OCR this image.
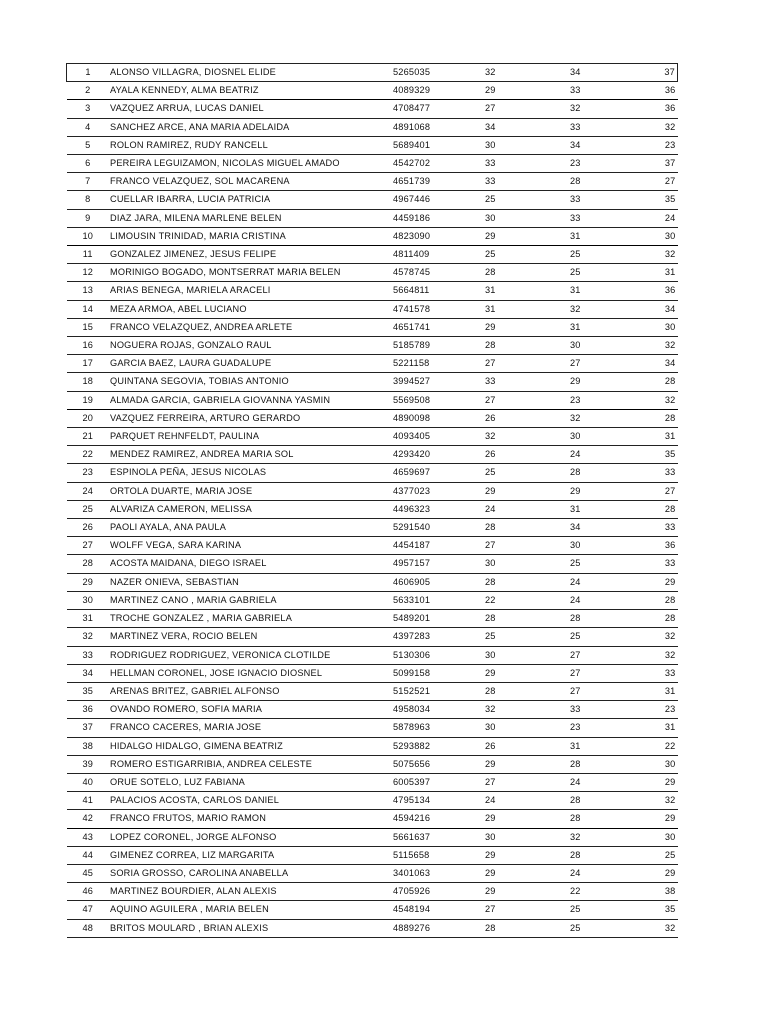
1	ALONSO VILLAGRA, DIOSNEL ELIDE	5265035	32	34	37
2	AYALA KENNEDY, ALMA BEATRIZ	4089329	29	33	36
3	VAZQUEZ ARRUA, LUCAS DANIEL	4708477	27	32	36
4	SANCHEZ ARCE, ANA MARIA ADELAIDA	4891068	34	33	32
5	ROLON RAMIREZ, RUDY RANCELL	5689401	30	34	23
6	PEREIRA LEGUIZAMON, NICOLAS MIGUEL AMADO	4542702	33	23	37
7	FRANCO VELAZQUEZ, SOL MACARENA	4651739	33	28	27
8	CUELLAR IBARRA, LUCIA PATRICIA	4967446	25	33	35
9	DIAZ JARA, MILENA MARLENE BELEN	4459186	30	33	24
10	LIMOUSIN TRINIDAD, MARIA CRISTINA	4823090	29	31	30
11	GONZALEZ JIMENEZ, JESUS FELIPE	4811409	25	25	32
12	MORINIGO BOGADO, MONTSERRAT MARIA BELEN	4578745	28	25	31
13	ARIAS BENEGA, MARIELA ARACELI	5664811	31	31	36
14	MEZA ARMOA, ABEL LUCIANO	4741578	31	32	34
15	FRANCO VELAZQUEZ, ANDREA ARLETE	4651741	29	31	30
16	NOGUERA ROJAS, GONZALO RAUL	5185789	28	30	32
17	GARCIA BAEZ, LAURA GUADALUPE	5221158	27	27	34
18	QUINTANA SEGOVIA, TOBIAS ANTONIO	3994527	33	29	28
19	ALMADA GARCIA, GABRIELA GIOVANNA YASMIN	5569508	27	23	32
20	VAZQUEZ FERREIRA, ARTURO GERARDO	4890098	26	32	28
21	PARQUET REHNFELDT, PAULINA	4093405	32	30	31
22	MENDEZ RAMIREZ, ANDREA MARIA SOL	4293420	26	24	35
23	ESPINOLA PEÑA, JESUS NICOLAS	4659697	25	28	33
24	ORTOLA DUARTE, MARIA JOSE	4377023	29	29	27
25	ALVARIZA CAMERON, MELISSA	4496323	24	31	28
26	PAOLI AYALA, ANA PAULA	5291540	28	34	33
27	WOLFF VEGA, SARA KARINA	4454187	27	30	36
28	ACOSTA MAIDANA, DIEGO ISRAEL	4957157	30	25	33
29	NAZER ONIEVA, SEBASTIAN	4606905	28	24	29
30	MARTINEZ CANO , MARIA GABRIELA	5633101	22	24	28
31	TROCHE GONZALEZ , MARIA GABRIELA	5489201	28	28	28
32	MARTINEZ VERA, ROCIO BELEN	4397283	25	25	32
33	RODRIGUEZ RODRIGUEZ, VERONICA CLOTILDE	5130306	30	27	32
34	HELLMAN CORONEL, JOSE IGNACIO DIOSNEL	5099158	29	27	33
35	ARENAS BRITEZ, GABRIEL ALFONSO	5152521	28	27	31
36	OVANDO ROMERO, SOFIA MARIA	4958034	32	33	23
37	FRANCO CACERES, MARIA JOSE	5878963	30	23	31
38	HIDALGO HIDALGO, GIMENA BEATRIZ	5293882	26	31	22
39	ROMERO ESTIGARRIBIA, ANDREA CELESTE	5075656	29	28	30
40	ORUE SOTELO, LUZ FABIANA	6005397	27	24	29
41	PALACIOS ACOSTA, CARLOS DANIEL	4795134	24	28	32
42	FRANCO FRUTOS, MARIO RAMON	4594216	29	28	29
43	LOPEZ CORONEL, JORGE ALFONSO	5661637	30	32	30
44	GIMENEZ CORREA, LIZ MARGARITA	5115658	29	28	25
45	SORIA GROSSO, CAROLINA ANABELLA	3401063	29	24	29
46	MARTINEZ BOURDIER, ALAN ALEXIS	4705926	29	22	38
47	AQUINO AGUILERA , MARIA BELEN	4548194	27	25	35
48	BRITOS MOULARD , BRIAN ALEXIS	4889276	28	25	32
